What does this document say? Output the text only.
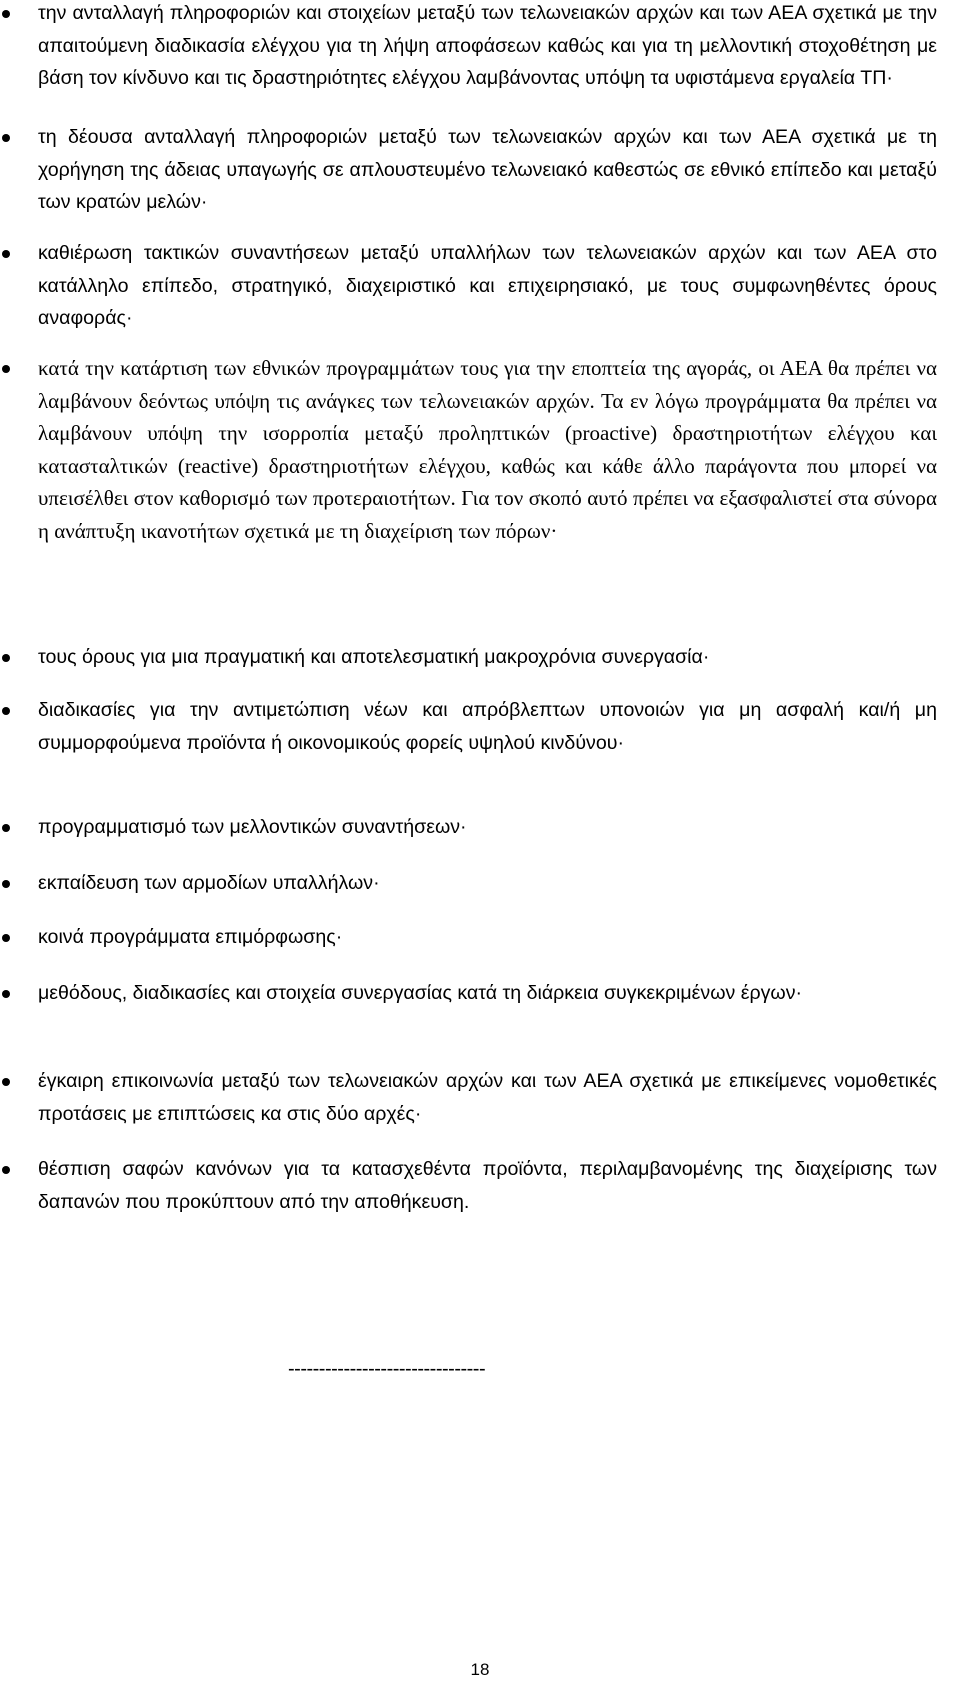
την ανταλλαγή πληροφοριών και στοιχείων μεταξύ των τελωνειακών αρχών και των ΑΕΑ σχετικά με την απαιτούμενη διαδικασία ελέγχου για τη λήψη αποφάσεων καθώς και για τη μελλοντική στοχοθέτηση με βάση τον κίνδυνο και τις δραστηριότητες ελέγχου λαμβάνοντας υπόψη τα υφιστάμενα εργαλεία ΤΠ·
τη δέουσα ανταλλαγή πληροφοριών μεταξύ των τελωνειακών αρχών και των ΑΕΑ σχετικά με τη χορήγηση της άδειας υπαγωγής σε απλουστευμένο τελωνειακό καθεστώς σε εθνικό επίπεδο και μεταξύ των κρατών μελών·
καθιέρωση τακτικών συναντήσεων μεταξύ υπαλλήλων των τελωνειακών αρχών και των ΑΕΑ στο κατάλληλο επίπεδο, στρατηγικό, διαχειριστικό και επιχειρησιακό, με τους συμφωνηθέντες όρους αναφοράς·
κατά την κατάρτιση των εθνικών προγραμμάτων τους για την εποπτεία της αγοράς, οι ΑΕΑ θα πρέπει να λαμβάνουν δεόντως υπόψη τις ανάγκες των τελωνειακών αρχών. Τα εν λόγω προγράμματα θα πρέπει να λαμβάνουν υπόψη την ισορροπία μεταξύ προληπτικών (proactive) δραστηριοτήτων ελέγχου και κατασταλτικών (reactive) δραστηριοτήτων ελέγχου, καθώς και κάθε άλλο παράγοντα που μπορεί να υπεισέλθει στον καθορισμό των προτεραιοτήτων. Για τον σκοπό αυτό πρέπει να εξασφαλιστεί στα σύνορα η ανάπτυξη ικανοτήτων σχετικά με τη διαχείριση των πόρων·
τους όρους για μια πραγματική και αποτελεσματική μακροχρόνια συνεργασία·
διαδικασίες για την αντιμετώπιση νέων και απρόβλεπτων υπονοιών για μη ασφαλή και/ή μη συμμορφούμενα προϊόντα ή οικονομικούς φορείς υψηλού κινδύνου·
προγραμματισμό των μελλοντικών συναντήσεων·
εκπαίδευση των αρμοδίων υπαλλήλων·
κοινά προγράμματα επιμόρφωσης·
μεθόδους, διαδικασίες και στοιχεία συνεργασίας κατά τη διάρκεια συγκεκριμένων έργων·
έγκαιρη επικοινωνία μεταξύ των τελωνειακών αρχών και των ΑΕΑ σχετικά με επικείμενες νομοθετικές προτάσεις με επιπτώσεις κα στις δύο αρχές·
θέσπιση σαφών κανόνων για τα κατασχεθέντα προϊόντα, περιλαμβανομένης της διαχείρισης των δαπανών που προκύπτουν από την αποθήκευση.
--------------------------------
18
